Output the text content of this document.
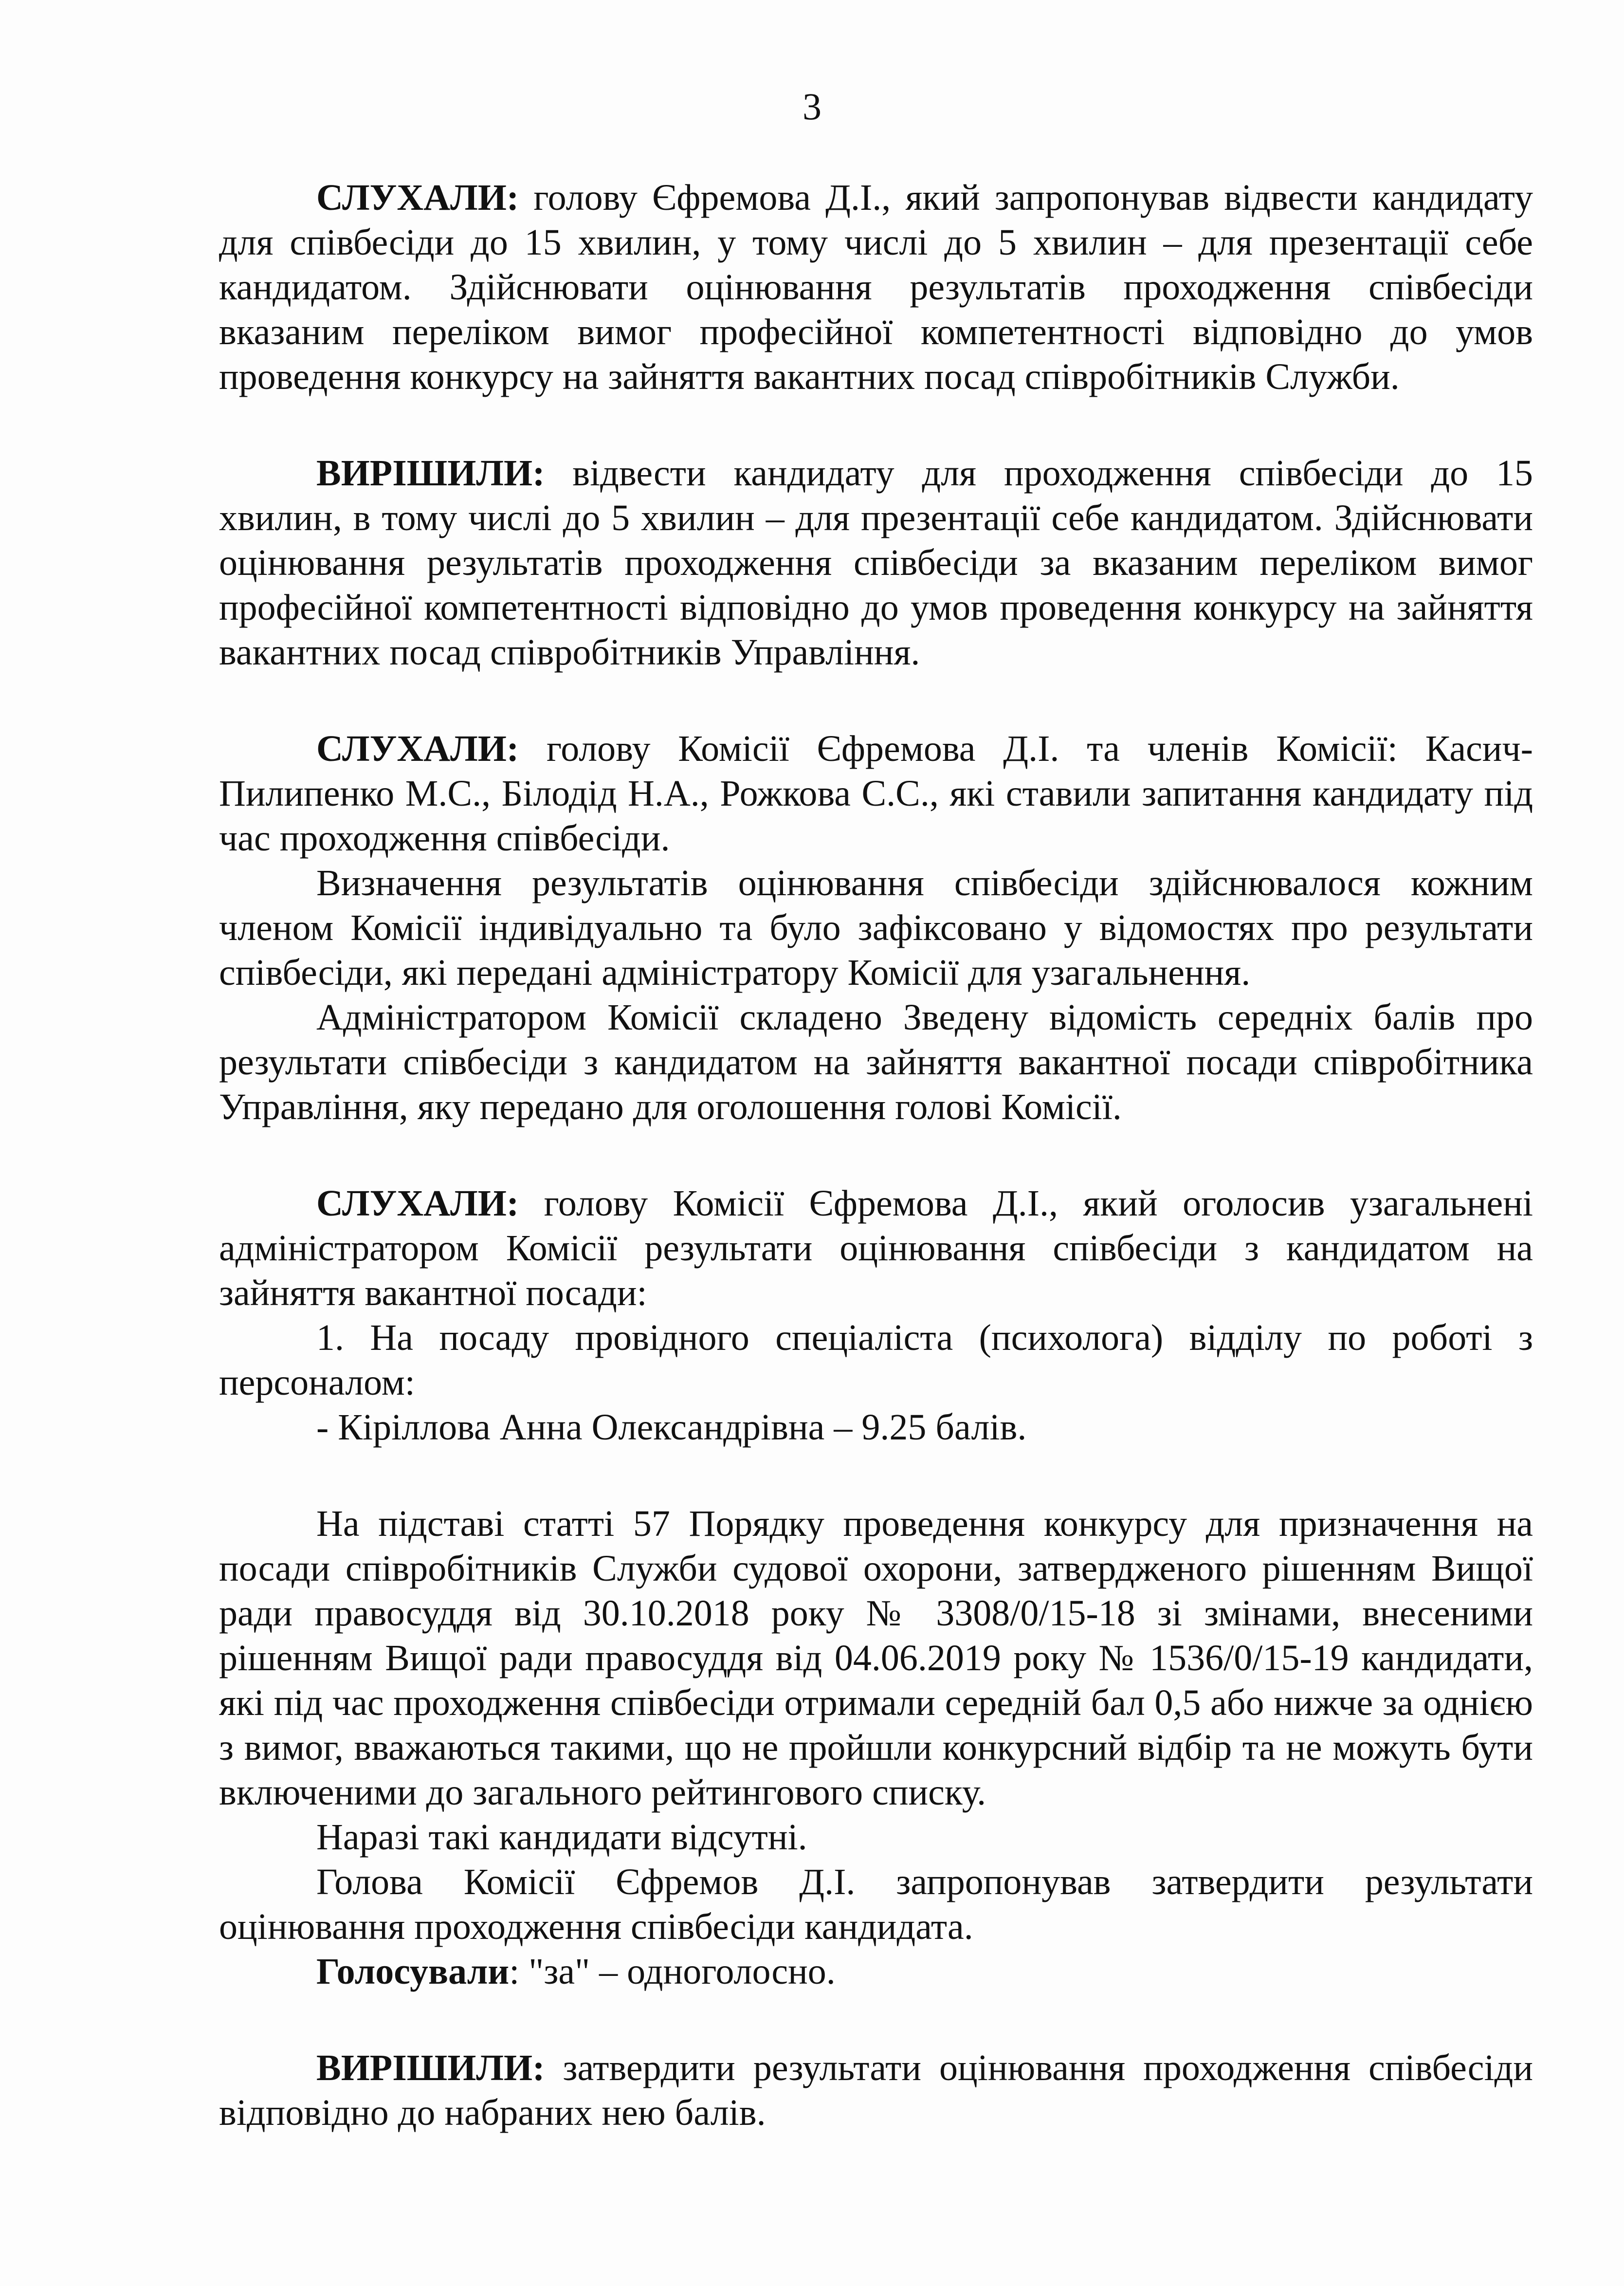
3

СЛУХАЛИ: голову Єфремова Д.І., який запропонував відвести кандидату для співбесіди до 15 хвилин, у тому числі до 5 хвилин – для презентації себе кандидатом. Здійснювати оцінювання результатів проходження співбесіди вказаним переліком вимог професійної компетентності відповідно до умов проведення конкурсу на зайняття вакантних посад співробітників Служби.

ВИРІШИЛИ: відвести кандидату для проходження співбесіди до 15 хвилин, в тому числі до 5 хвилин – для презентації себе кандидатом. Здійснювати оцінювання результатів проходження співбесіди за вказаним переліком вимог професійної компетентності відповідно до умов проведення конкурсу на зайняття вакантних посад співробітників Управління.

СЛУХАЛИ: голову Комісії Єфремова Д.І. та членів Комісії: Касич-Пилипенко М.С., Білодід Н.А., Рожкова С.С., які ставили запитання кандидату під час проходження співбесіди.

Визначення результатів оцінювання співбесіди здійснювалося кожним членом Комісії індивідуально та було зафіксовано у відомостях про результати співбесіди, які передані адміністратору Комісії для узагальнення.

Адміністратором Комісії складено Зведену відомість середніх балів про результати співбесіди з кандидатом на зайняття вакантної посади співробітника Управління, яку передано для оголошення голові Комісії.

СЛУХАЛИ: голову Комісії Єфремова Д.І., який оголосив узагальнені адміністратором Комісії результати оцінювання співбесіди з кандидатом на зайняття вакантної посади:

1. На посаду провідного спеціаліста (психолога) відділу по роботі з персоналом:

- Кіріллова Анна Олександрівна – 9.25 балів.

На підставі статті 57 Порядку проведення конкурсу для призначення на посади співробітників Служби судової охорони, затвердженого рішенням Вищої ради правосуддя від 30.10.2018 року № 3308/0/15-18 зі змінами, внесеними рішенням Вищої ради правосуддя від 04.06.2019 року № 1536/0/15-19 кандидати, які під час проходження співбесіди отримали середній бал 0,5 або нижче за однією з вимог, вважаються такими, що не пройшли конкурсний відбір та не можуть бути включеними до загального рейтингового списку.

Наразі такі кандидати відсутні.

Голова Комісії Єфремов Д.І. запропонував затвердити результати оцінювання проходження співбесіди кандидата.

Голосували: "за" – одноголосно.

ВИРІШИЛИ: затвердити результати оцінювання проходження співбесіди відповідно до набраних нею балів.
